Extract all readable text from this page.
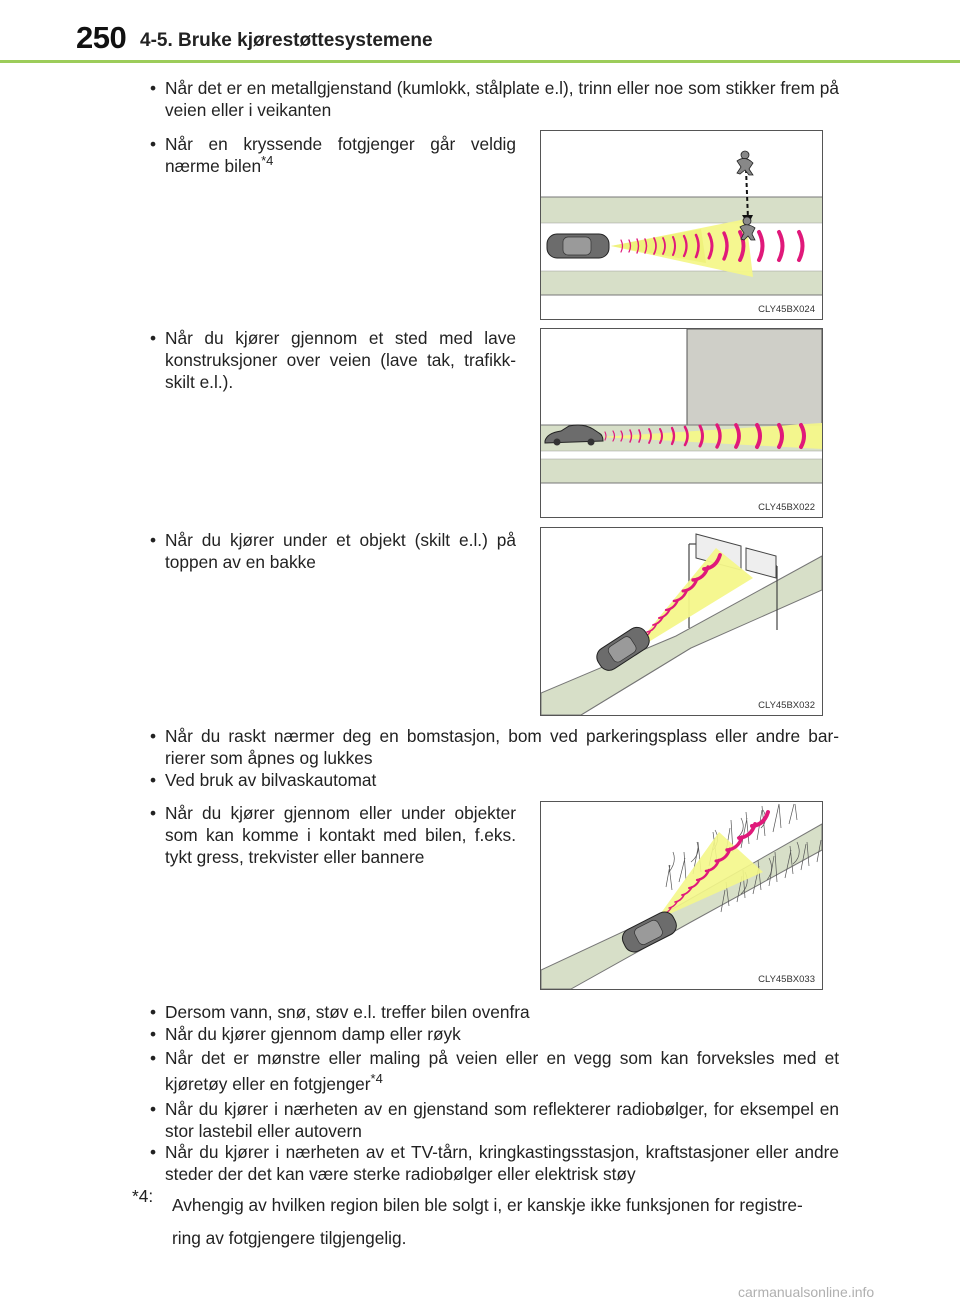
250 4-5. Bruke kjørestøttesystemene
• Når det er en metallgjenstand (kumlokk, stålplate e.l), trinn eller noe som stikker frem på veien eller i veikanten
• Når en kryssende fotgjenger går veldig nærme bilen$^{*4}$
CLY45BX024
• Når du kjører gjennom et sted med lave konstruksjoner over veien (lave tak, trafikk-skilt e.l.).
CLY45BX022
• Når du kjører under et objekt (skilt e.l.) på toppen av en bakke
CLY45BX032
• Når du raskt nærmer deg en bomstasjon, bom ved parkeringsplass eller andre bar-rierer som åpnes og lukkes
• Ved bruk av bilvaskautomat
• Når du kjører gjennom eller under objekter som kan komme i kontakt med bilen, f.eks. tykt gress, trekvister eller bannere
CLY45BX033
• Dersom vann, snø, støv e.l. treffer bilen ovenfra
• Når du kjører gjennom damp eller røyk
• Når det er mønstre eller maling på veien eller en vegg som kan forveksles med et kjøretøy eller en fotgjenger$^{*4}$
• Når du kjører i nærheten av en gjenstand som reflekterer radiobølger, for eksempel en stor lastebil eller autovern
• Når du kjører i nærheten av et TV-tårn, kringkastingsstasjon, kraftstasjoner eller andre steder der det kan være sterke radiobølger eller elektrisk støy
*4: Avhengig av hvilken region bilen ble solgt i, er kanskje ikke funksjonen for registre-ring av fotgjengere tilgjengelig.
carmanualsonline.info
